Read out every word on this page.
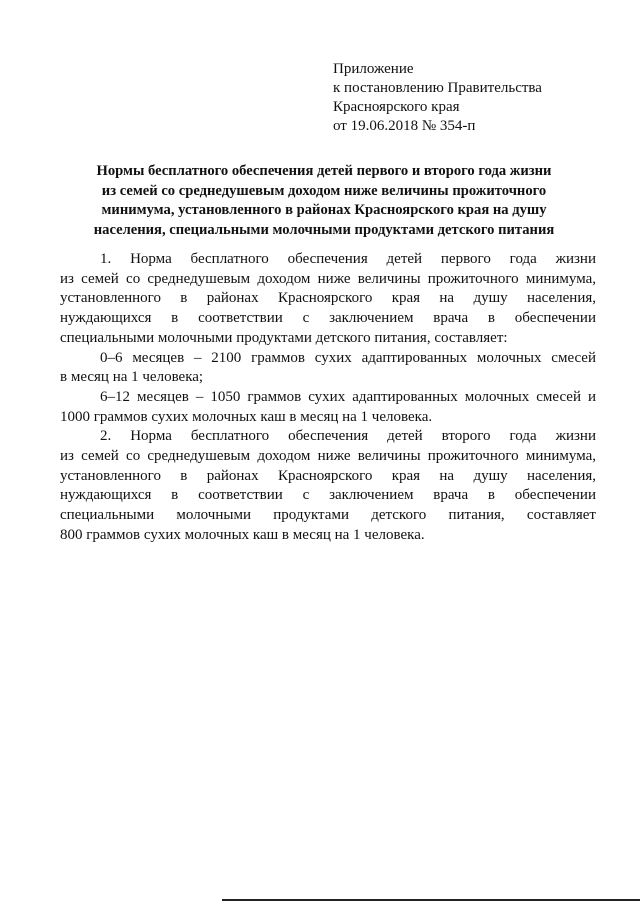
Приложение
к постановлению Правительства
Красноярского края
от 19.06.2018 № 354-п
Нормы бесплатного обеспечения детей первого и второго года жизни
из семей со среднедушевым доходом ниже величины прожиточного
минимума, установленного в районах Красноярского края на душу
населения, специальными молочными продуктами детского питания
1. Норма бесплатного обеспечения детей первого года жизни
из семей со среднедушевым доходом ниже величины прожиточного минимума,
установленного в районах Красноярского края на душу населения,
нуждающихся в соответствии с заключением врача в обеспечении
специальными молочными продуктами детского питания, составляет:
0–6 месяцев – 2100 граммов сухих адаптированных молочных смесей
в месяц на 1 человека;
6–12 месяцев – 1050 граммов сухих адаптированных молочных смесей и
1000 граммов сухих молочных каш в месяц на 1 человека.
2. Норма бесплатного обеспечения детей второго года жизни
из семей со среднедушевым доходом ниже величины прожиточного минимума,
установленного в районах Красноярского края на душу населения,
нуждающихся в соответствии с заключением врача в обеспечении
специальными молочными продуктами детского питания, составляет
800 граммов сухих молочных каш в месяц на 1 человека.
